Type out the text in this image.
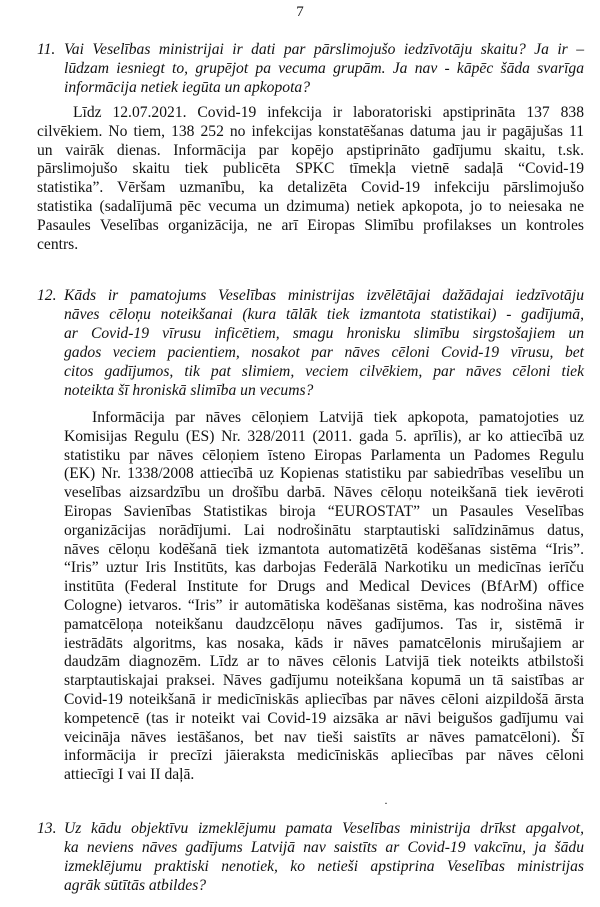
7
11. Vai Veselības ministrijai ir dati par pārslimojušo iedzīvotāju skaitu? Ja ir –
lūdzam iesniegt to, grupējot pa vecuma grupām. Ja nav - kāpēc šāda svarīga
informācija netiek iegūta un apkopota?
Līdz 12.07.2021. Covid-19 infekcija ir laboratoriski apstiprināta 137 838
cilvēkiem. No tiem, 138 252 no infekcijas konstatēšanas datuma jau ir pagājušas 11
un vairāk dienas. Informācija par kopējo apstiprināto gadījumu skaitu, t.sk.
pārslimojušo skaitu tiek publicēta SPKC tīmekļa vietnē sadaļā “Covid-19
statistika”. Vēršam uzmanību, ka detalizēta Covid-19 infekciju pārslimojušo
statistika (sadalījumā pēc vecuma un dzimuma) netiek apkopota, jo to neiesaka ne
Pasaules Veselības organizācija, ne arī Eiropas Slimību profilakses un kontroles
centrs.
12. Kāds ir pamatojums Veselības ministrijas izvēlētājai dažādajai iedzīvotāju
nāves cēloņu noteikšanai (kura tālāk tiek izmantota statistikai) - gadījumā,
ar Covid-19 vīrusu inficētiem, smagu hronisku slimību sirgstošajiem un
gados veciem pacientiem, nosakot par nāves cēloni Covid-19 vīrusu, bet
citos gadījumos, tik pat slimiem, veciem cilvēkiem, par nāves cēloni tiek
noteikta šī hroniskā slimība un vecums?
Informācija par nāves cēloņiem Latvijā tiek apkopota, pamatojoties uz
Komisijas Regulu (ES) Nr. 328/2011 (2011. gada 5. aprīlis), ar ko attiecībā uz
statistiku par nāves cēloņiem īsteno Eiropas Parlamenta un Padomes Regulu
(EK) Nr. 1338/2008 attiecībā uz Kopienas statistiku par sabiedrības veselību un
veselības aizsardzību un drošību darbā. Nāves cēloņu noteikšanā tiek ievēroti
Eiropas Savienības Statistikas biroja “EUROSTAT” un Pasaules Veselības
organizācijas norādījumi. Lai nodrošinātu starptautiski salīdzināmus datus,
nāves cēloņu kodēšanā tiek izmantota automatizētā kodēšanas sistēma “Iris”.
“Iris” uztur Iris Institūts, kas darbojas Federālā Narkotiku un medicīnas ierīču
institūta (Federal Institute for Drugs and Medical Devices (BfArM) office
Cologne) ietvaros. “Iris” ir automātiska kodēšanas sistēma, kas nodrošina nāves
pamatcēloņa noteikšanu daudzcēloņu nāves gadījumos. Tas ir, sistēmā ir
iestrādāts algoritms, kas nosaka, kāds ir nāves pamatcēlonis mirušajiem ar
daudzām diagnozēm. Līdz ar to nāves cēlonis Latvijā tiek noteikts atbilstoši
starptautiskajai praksei. Nāves gadījumu noteikšana kopumā un tā saistības ar
Covid-19 noteikšanā ir medicīniskās apliecības par nāves cēloni aizpildošā ārsta
kompetencē (tas ir noteikt vai Covid-19 aizsāka ar nāvi beigušos gadījumu vai
veicināja nāves iestāšanos, bet nav tieši saistīts ar nāves pamatcēloni). Šī
informācija ir precīzi jāieraksta medicīniskās apliecības par nāves cēloni
attiecīgi I vai II daļā.
·
13. Uz kādu objektīvu izmeklējumu pamata Veselības ministrija drīkst apgalvot,
ka neviens nāves gadījums Latvijā nav saistīts ar Covid-19 vakcīnu, ja šādu
izmeklējumu praktiski nenotiek, ko netieši apstiprina Veselības ministrijas
agrāk sūtītās atbildes?
